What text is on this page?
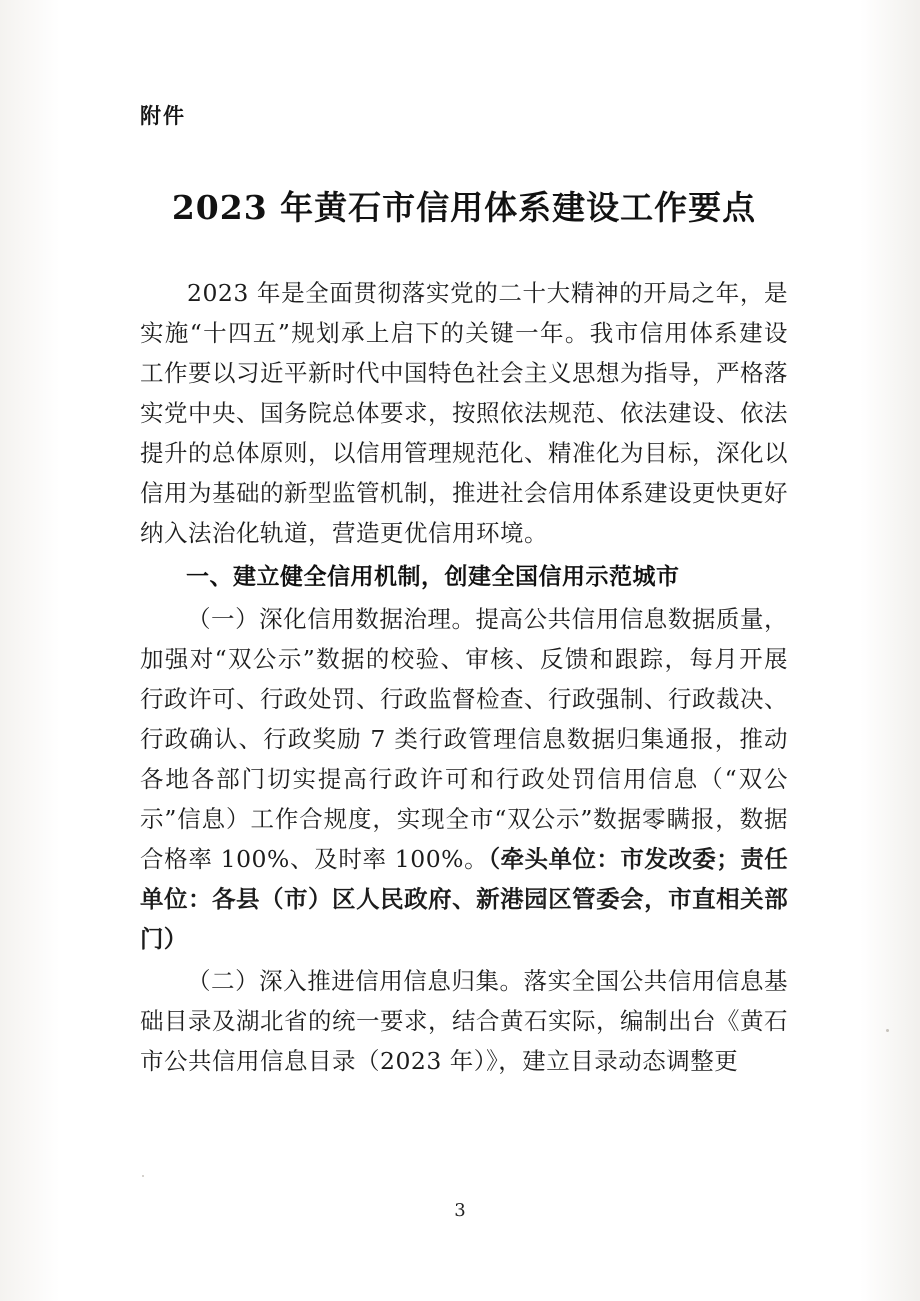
附件

2023 年黄石市信用体系建设工作要点

2023 年是全面贯彻落实党的二十大精神的开局之年，是实施“十四五”规划承上启下的关键一年。我市信用体系建设工作要以习近平新时代中国特色社会主义思想为指导，严格落实党中央、国务院总体要求，按照依法规范、依法建设、依法提升的总体原则，以信用管理规范化、精准化为目标，深化以信用为基础的新型监管机制，推进社会信用体系建设更快更好纳入法治化轨道，营造更优信用环境。

一、建立健全信用机制，创建全国信用示范城市

（一）深化信用数据治理。提高公共信用信息数据质量，加强对“双公示”数据的校验、审核、反馈和跟踪，每月开展行政许可、行政处罚、行政监督检查、行政强制、行政裁决、行政确认、行政奖励 7 类行政管理信息数据归集通报，推动各地各部门切实提高行政许可和行政处罚信用信息（“双公示”信息）工作合规度，实现全市“双公示”数据零瞒报，数据合格率 100%、及时率 100%。（牵头单位：市发改委；责任单位：各县（市）区人民政府、新港园区管委会，市直相关部门）

（二）深入推进信用信息归集。落实全国公共信用信息基础目录及湖北省的统一要求，结合黄石实际，编制出台《黄石市公共信用信息目录（2023 年）》，建立目录动态调整更

3
